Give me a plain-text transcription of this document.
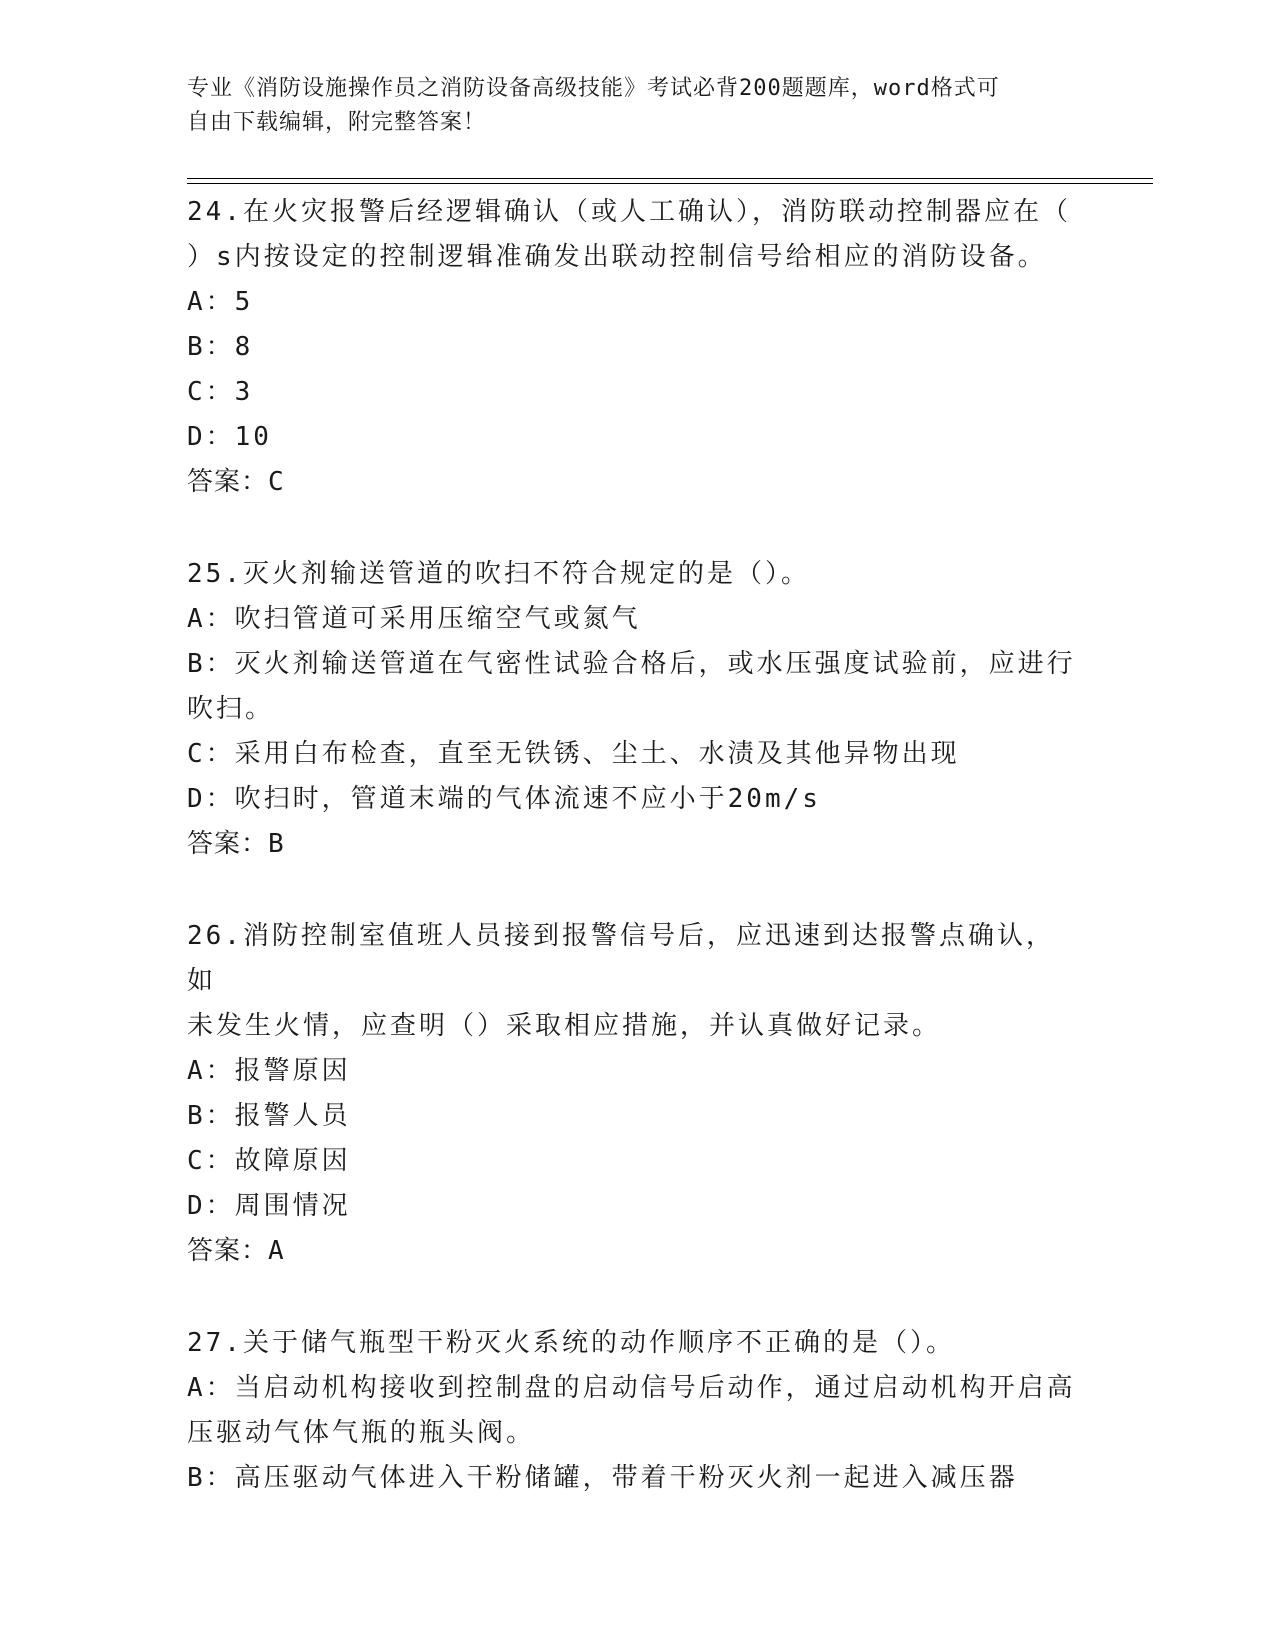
专业《消防设施操作员之消防设备高级技能》考试必背200题题库，word格式可
自由下载编辑，附完整答案！
24.在火灾报警后经逻辑确认（或人工确认），消防联动控制器应在（
）s内按设定的控制逻辑准确发出联动控制信号给相应的消防设备。
A：5
B：8
C：3
D：10
答案：C
25.灭火剂输送管道的吹扫不符合规定的是（）。
A：吹扫管道可采用压缩空气或氮气
B：灭火剂输送管道在气密性试验合格后，或水压强度试验前，应进行
吹扫。
C：采用白布检查，直至无铁锈、尘土、水渍及其他异物出现
D：吹扫时，管道末端的气体流速不应小于20m/s
答案：B
26.消防控制室值班人员接到报警信号后，应迅速到达报警点确认，如
未发生火情，应查明（）采取相应措施，并认真做好记录。
A：报警原因
B：报警人员
C：故障原因
D：周围情况
答案：A
27.关于储气瓶型干粉灭火系统的动作顺序不正确的是（）。
A：当启动机构接收到控制盘的启动信号后动作，通过启动机构开启高
压驱动气体气瓶的瓶头阀。
B：高压驱动气体进入干粉储罐，带着干粉灭火剂一起进入减压器
